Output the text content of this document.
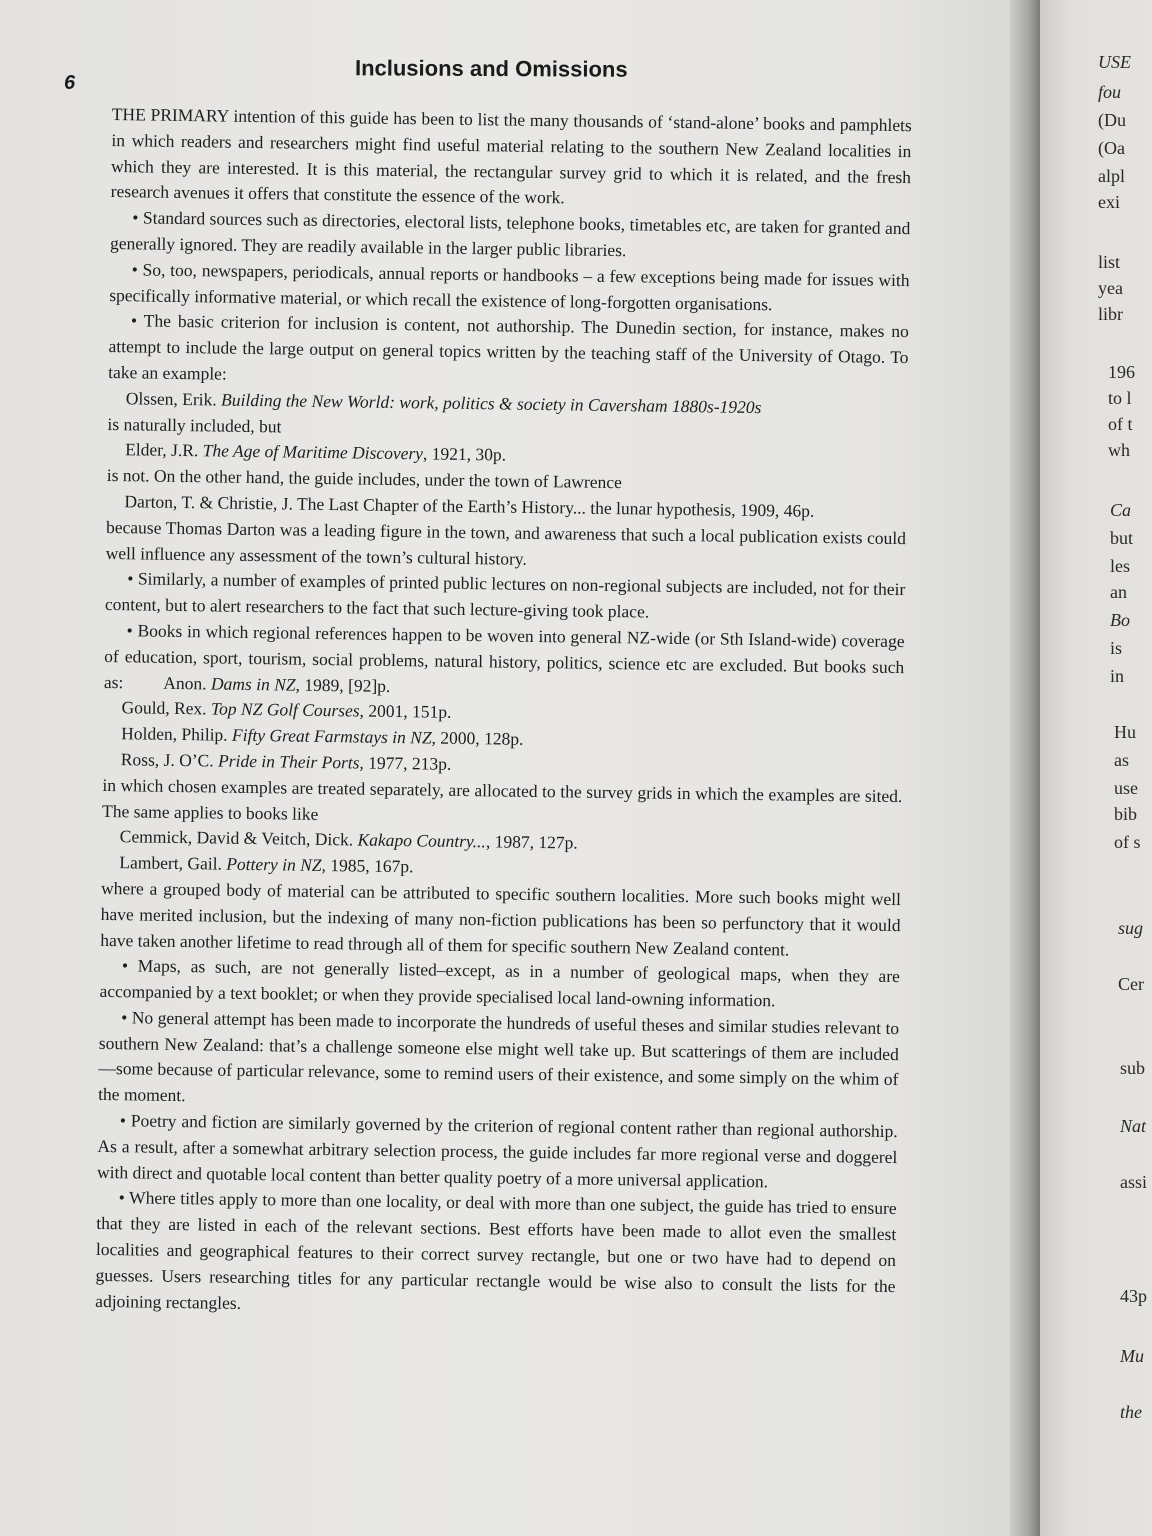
6
Inclusions and Omissions

THE PRIMARY intention of this guide has been to list the many thousands of ‘stand-alone’ books and pamphlets in which readers and researchers might find useful material relating to the southern New Zealand localities in which they are interested. It is this material, the rectangular survey grid to which it is related, and the fresh research avenues it offers that constitute the essence of the work.

• Standard sources such as directories, electoral lists, telephone books, timetables etc, are taken for granted and generally ignored. They are readily available in the larger public libraries.

• So, too, newspapers, periodicals, annual reports or handbooks – a few exceptions being made for issues with specifically informative material, or which recall the existence of long-forgotten organisations.

• The basic criterion for inclusion is content, not authorship. The Dunedin section, for instance, makes no attempt to include the large output on general topics written by the teaching staff of the University of Otago. To take an example:

Olssen, Erik. Building the New World: work, politics & society in Caversham 1880s-1920s

is naturally included, but

Elder, J.R. The Age of Maritime Discovery, 1921, 30p.

is not. On the other hand, the guide includes, under the town of Lawrence

Darton, T. & Christie, J. The Last Chapter of the Earth’s History... the lunar hypothesis, 1909, 46p.

because Thomas Darton was a leading figure in the town, and awareness that such a local publication exists could well influence any assessment of the town’s cultural history.

• Similarly, a number of examples of printed public lectures on non-regional subjects are included, not for their content, but to alert researchers to the fact that such lecture-giving took place.

• Books in which regional references happen to be woven into general NZ-wide (or Sth Island-wide) coverage of education, sport, tourism, social problems, natural history, politics, science etc are excluded. But books such as: Anon. Dams in NZ, 1989, [92]p.

Gould, Rex. Top NZ Golf Courses, 2001, 151p.

Holden, Philip. Fifty Great Farmstays in NZ, 2000, 128p.

Ross, J. O’C. Pride in Their Ports, 1977, 213p.

in which chosen examples are treated separately, are allocated to the survey grids in which the examples are sited. The same applies to books like

Cemmick, David & Veitch, Dick. Kakapo Country..., 1987, 127p.

Lambert, Gail. Pottery in NZ, 1985, 167p.

where a grouped body of material can be attributed to specific southern localities. More such books might well have merited inclusion, but the indexing of many non-fiction publications has been so perfunctory that it would have taken another lifetime to read through all of them for specific southern New Zealand content.

• Maps, as such, are not generally listed–except, as in a number of geological maps, when they are accompanied by a text booklet; or when they provide specialised local land-owning information.

• No general attempt has been made to incorporate the hundreds of useful theses and similar studies relevant to southern New Zealand: that’s a challenge someone else might well take up. But scatterings of them are included—some because of particular relevance, some to remind users of their existence, and some simply on the whim of the moment.

• Poetry and fiction are similarly governed by the criterion of regional content rather than regional authorship. As a result, after a somewhat arbitrary selection process, the guide includes far more regional verse and doggerel with direct and quotable local content than better quality poetry of a more universal application.

• Where titles apply to more than one locality, or deal with more than one subject, the guide has tried to ensure that they are listed in each of the relevant sections. Best efforts have been made to allot even the smallest localities and geographical features to their correct survey rectangle, but one or two have had to depend on guesses. Users researching titles for any particular rectangle would be wise also to consult the lists for the adjoining rectangles.

USE
fou
(Du
(Oa
alpl
exi
list
yea
libr
196
to l
of t
wh
Ca
but
les
an
Bo
is
in
Hu
as
use
bib
of s
sug
Cer
sub
Nat
assi
43p
Mu
the
